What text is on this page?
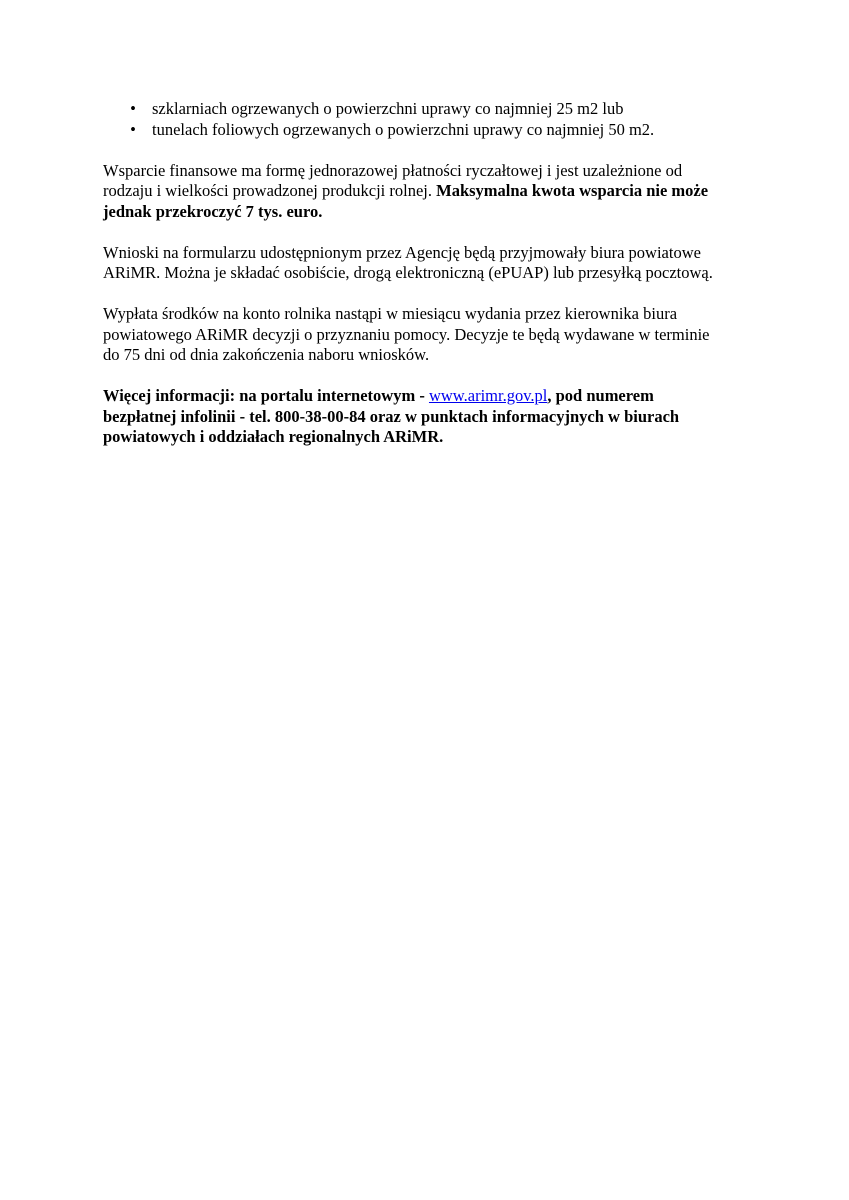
• szklarniach ogrzewanych o powierzchni uprawy co najmniej 25 m2 lub
• tunelach foliowych ogrzewanych o powierzchni uprawy co najmniej 50 m2.

Wsparcie finansowe ma formę jednorazowej płatności ryczałtowej i jest uzależnione od
rodzaju i wielkości prowadzonej produkcji rolnej. Maksymalna kwota wsparcia nie może
jednak przekroczyć 7 tys. euro.

Wnioski na formularzu udostępnionym przez Agencję będą przyjmowały biura powiatowe
ARiMR. Można je składać osobiście, drogą elektroniczną (ePUAP) lub przesyłką pocztową.

Wypłata środków na konto rolnika nastąpi w miesiącu wydania przez kierownika biura
powiatowego ARiMR decyzji o przyznaniu pomocy. Decyzje te będą wydawane w terminie
do 75 dni od dnia zakończenia naboru wniosków.

Więcej informacji: na portalu internetowym - www.arimr.gov.pl, pod numerem
bezpłatnej infolinii - tel. 800-38-00-84 oraz w punktach informacyjnych w biurach
powiatowych i oddziałach regionalnych ARiMR.
